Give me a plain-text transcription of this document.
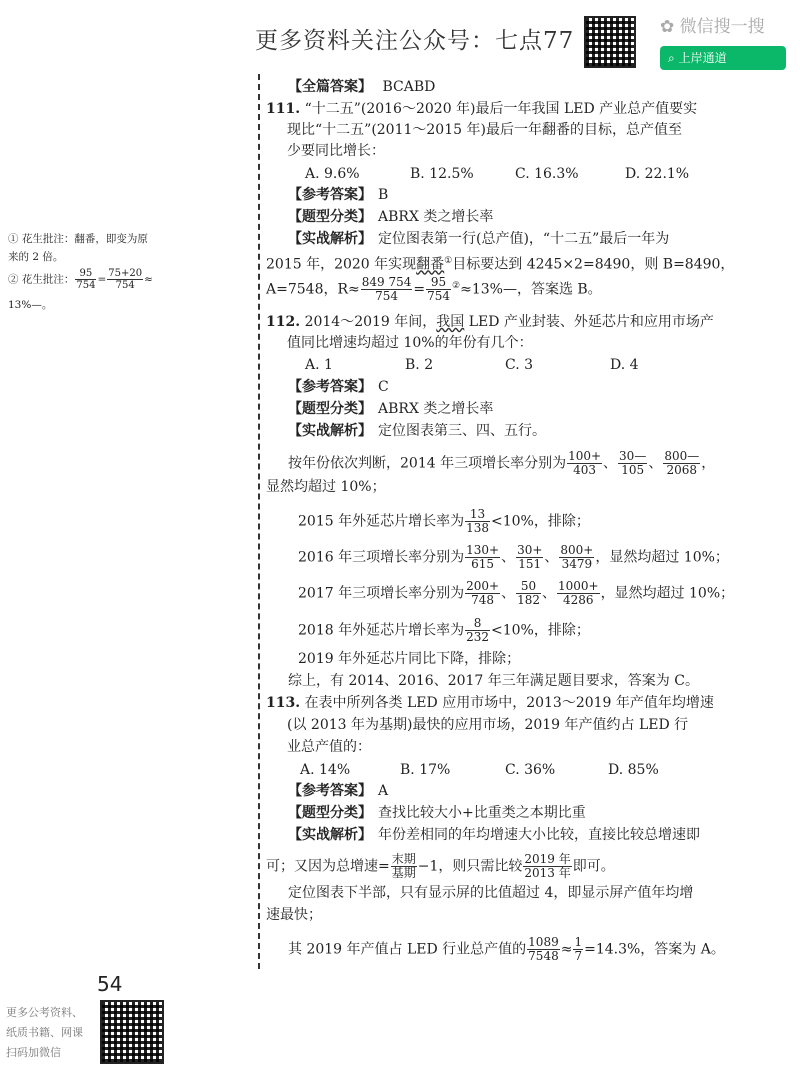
更多资料关注公众号：七点77
✿ 微信搜一搜
⌕ 上岸通道
① 花生批注：翻番，即变为原
来的 2 倍。
② 花生批注： $\frac{95}{754} = \frac{75+20}{754}$ ≈
13%—。
【全篇答案】 BCABD
111. “十二五”(2016～2020 年)最后一年我国 LED 产业总产值要实
现比“十二五”(2011～2015 年)最后一年翻番的目标，总产值至
少要同比增长：
A. 9.6%	B. 12.5%	C. 16.3%	D. 22.1%
【参考答案】 B
【题型分类】 ABRX 类之增长率
【实战解析】 定位图表第一行(总产值)，“十二五”最后一年为
2015 年，2020 年实现翻番①目标要达到 4245×2=8490，则 B=8490，
A=7548，$R\approx \frac{849 754}{754} = \frac{95}{754}$ ②≈13%—，答案选 B。
112. 2014～2019 年间，我国 LED 产业封装、外延芯片和应用市场产
值同比增速均超过 10%的年份有几个：
A. 1	B. 2	C. 3	D. 4
【参考答案】 C
【题型分类】 ABRX 类之增长率
【实战解析】 定位图表第三、四、五行。
按年份依次判断，2014 年三项增长率分别为 $\frac{100+}{403}$ 、 $\frac{30—}{105}$ 、 $\frac{800—}{2068}$ ，
显然均超过 10%；
2015 年外延芯片增长率为 $\frac{13}{138} <10\%$，排除；
2016 年三项增长率分别为 $\frac{130+}{615}$ 、 $\frac{30+}{151}$ 、 $\frac{800+}{3479}$ ，显然均超过 10%；
2017 年三项增长率分别为 $\frac{200+}{748}$ 、 $\frac{50}{182}$ 、 $\frac{1000+}{4286}$ ，显然均超过 10%；
2018 年外延芯片增长率为 $\frac{8}{232} <10\%$，排除；
2019 年外延芯片同比下降，排除；
综上，有 2014、2016、2017 年三年满足题目要求，答案为 C。
113. 在表中所列各类 LED 应用市场中，2013～2019 年产值年均增速
(以 2013 年为基期)最快的应用市场，2019 年产值约占 LED 行
业总产值的：
A. 14%	B. 17%	C. 36%	D. 85%
【参考答案】 A
【题型分类】 查找比较大小+比重类之本期比重
【实战解析】 年份差相同的年均增速大小比较，直接比较总增速即
可；又因为总增速= $\frac{\text{末期}}{\text{基期}} -1$，则只需比较 $\frac{\text{2019 年}}{\text{2013 年}}$ 即可。
定位图表下半部，只有显示屏的比值超过 4，即显示屏产值年均增
速最快；
其 2019 年产值占 LED 行业总产值的 $\frac{1089}{7548} \approx \frac{1}{7} =14.3\%$，答案为 A。
54
更多公考资料、
纸质书籍、网课
扫码加微信
